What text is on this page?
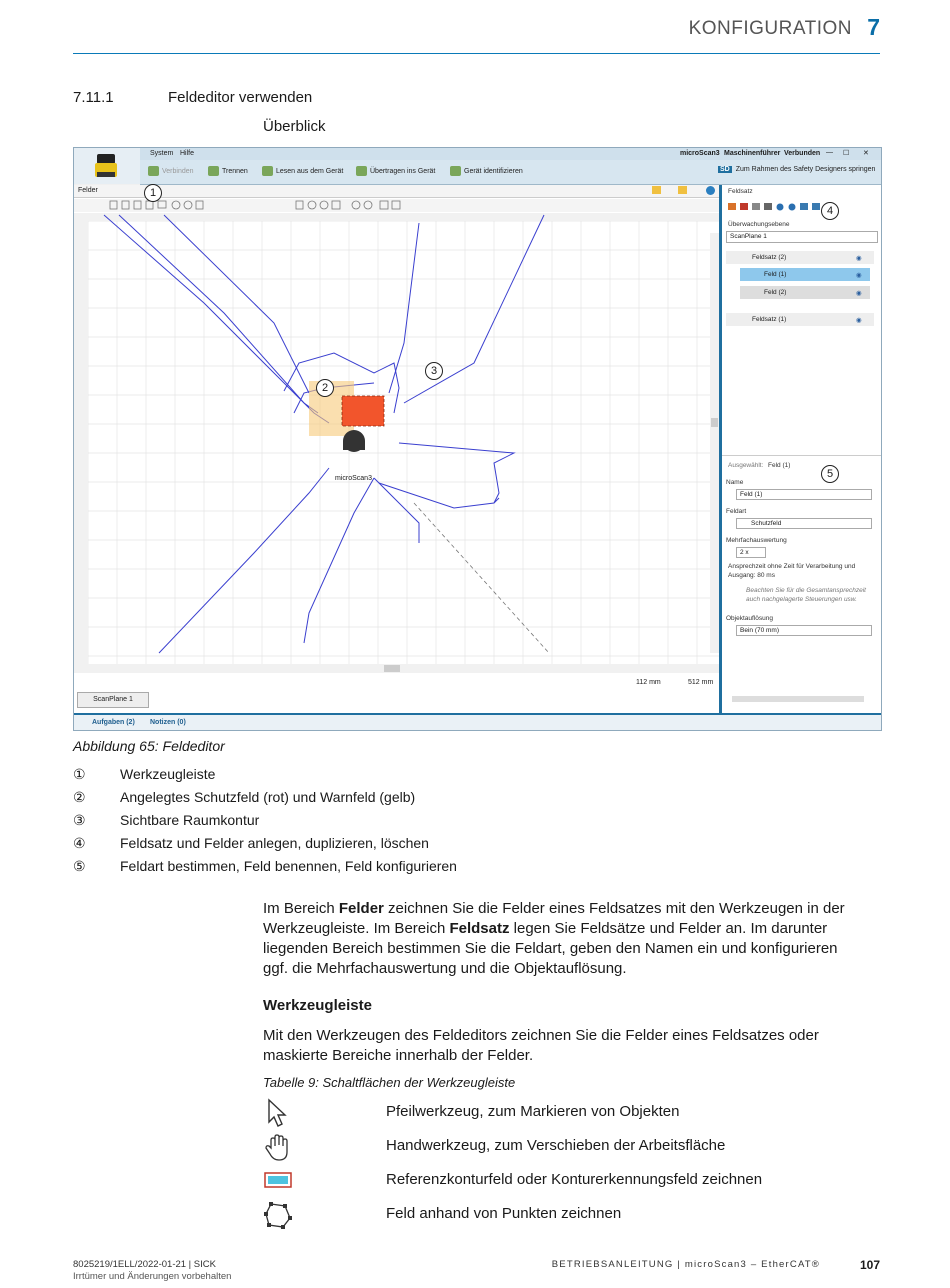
KONFIGURATION 7
7.11.1	Feldeditor verwenden
Überblick
System Hilfe	microScan3 Maschinenführer Verbunden — ☐ ✕
Verbinden	Trennen	Lesen aus dem Gerät	Übertragen ins Gerät	Gerät identifizieren	SD Zum Rahmen des Safety Designers springen
Felder
microScan3
112 mm	512 mm
ScanPlane 1
Feldsatz
Überwachungsebene
ScanPlane 1
Feldsatz (2)
Feld (1)
Feld (2)
Feldsatz (1)
◉
◉
◉
◉
Ausgewählt: Feld (1)
Name
Feld (1)
Feldart
Schutzfeld
Mehrfachauswertung
2 x
Ansprechzeit ohne Zeit für Verarbeitung und Ausgang: 80 ms
Beachten Sie für die Gesamtansprechzeit
auch nachgelagerte Steuerungen usw.
Objektauflösung
Bein (70 mm)
Aufgaben (2) Notizen (0)
1
2
3
4
5
Abbildung 65: Feldeditor
①	Werkzeugleiste
②	Angelegtes Schutzfeld (rot) und Warnfeld (gelb)
③	Sichtbare Raumkontur
④	Feldsatz und Felder anlegen, duplizieren, löschen
⑤	Feldart bestimmen, Feld benennen, Feld konfigurieren
Im Bereich Felder zeichnen Sie die Felder eines Feldsatzes mit den Werkzeugen in der
Werkzeugleiste. Im Bereich Feldsatz legen Sie Feldsätze und Felder an. Im darunter
liegenden Bereich bestimmen Sie die Feldart, geben den Namen ein und konfigurieren
ggf. die Mehrfachauswertung und die Objektauflösung.
Werkzeugleiste
Mit den Werkzeugen des Feldeditors zeichnen Sie die Felder eines Feldsatzes oder
maskierte Bereiche innerhalb der Felder.
Tabelle 9: Schaltflächen der Werkzeugleiste
Pfeilwerkzeug, zum Markieren von Objekten
Handwerkzeug, zum Verschieben der Arbeitsfläche
Referenzkonturfeld oder Konturerkennungsfeld zeichnen
Feld anhand von Punkten zeichnen
8025219/1ELL/2022-01-21 | SICK
Irrtümer und Änderungen vorbehalten
BETRIEBSANLEITUNG | microScan3 – EtherCAT®	107
